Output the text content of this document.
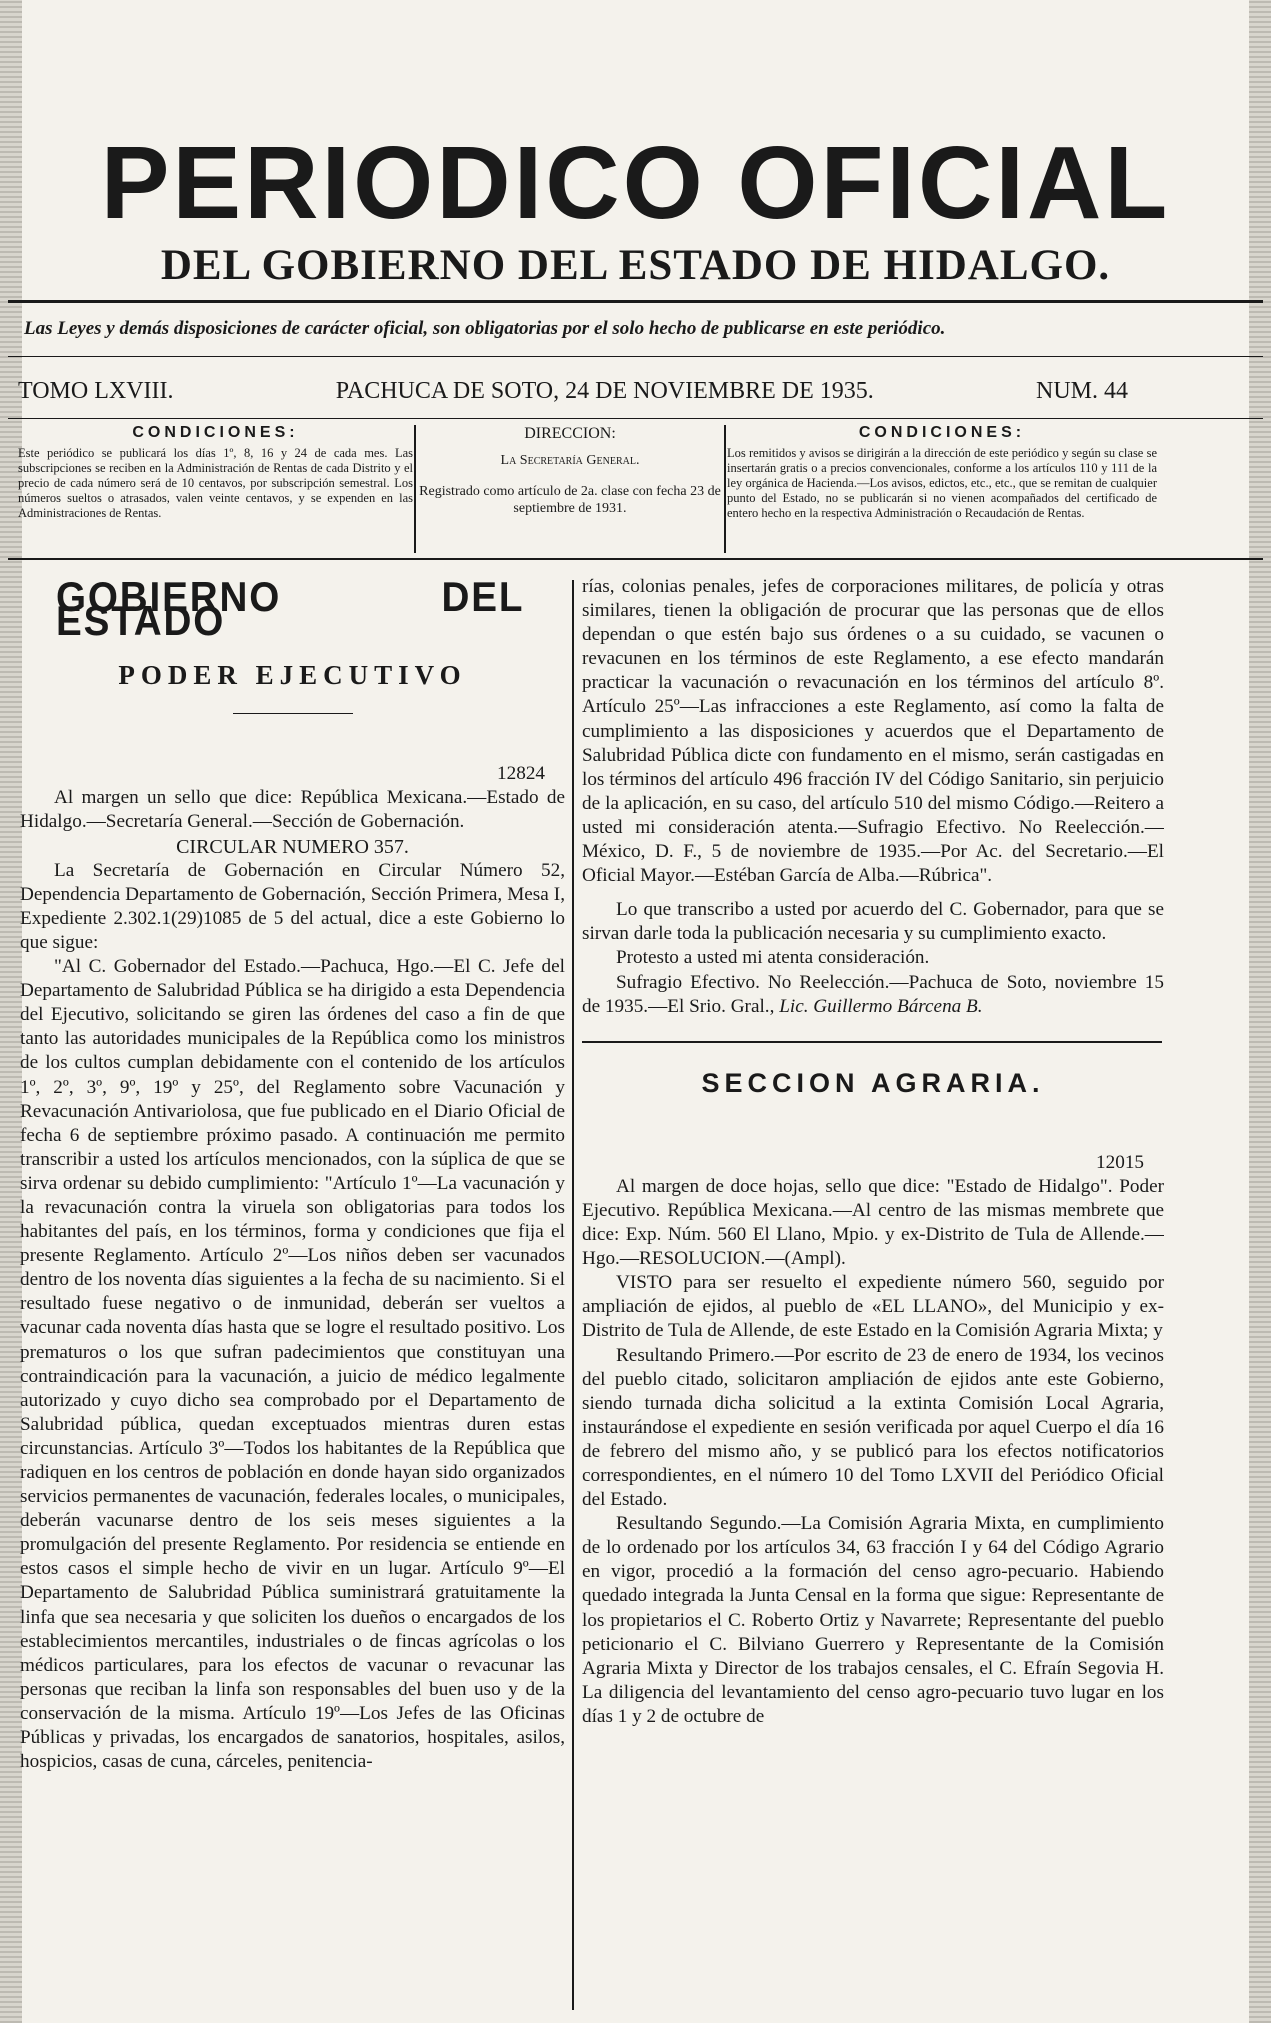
PERIODICO OFICIAL
DEL GOBIERNO DEL ESTADO DE HIDALGO.
Las Leyes y demás disposiciones de carácter oficial, son obligatorias por el solo hecho de publicarse en este periódico.
TOMO LXVIII.	PACHUCA DE SOTO, 24 DE NOVIEMBRE DE 1935.	NUM. 44
CONDICIONES:

Este periódico se publicará los días 1º, 8, 16 y 24 de cada mes. Las subscripciones se reciben en la Administración de Rentas de cada Distrito y el precio de cada número será de 10 centavos, por subscripción semestral. Los números sueltos o atrasados, valen veinte centavos, y se expenden en las Administraciones de Rentas.

DIRECCION:
La Secretaría General.
Registrado como artículo de 2a. clase con fecha 23 de septiembre de 1931.
CONDICIONES:

Los remitidos y avisos se dirigirán a la dirección de este periódico y según su clase se insertarán gratis o a precios convencionales, conforme a los artículos 110 y 111 de la ley orgánica de Hacienda.—Los avisos, edictos, etc., etc., que se remitan de cualquier punto del Estado, no se publicarán si no vienen acompañados del certificado de entero hecho en la respectiva Administración o Recaudación de Rentas.

GOBIERNO DEL ESTADO
PODER EJECUTIVO

12824

Al margen un sello que dice: República Mexicana.—Estado de Hidalgo.—Secretaría General.—Sección de Gobernación.

CIRCULAR NUMERO 357.

La Secretaría de Gobernación en Circular Número 52, Dependencia Departamento de Gobernación, Sección Primera, Mesa I, Expediente 2.302.1(29)1085 de 5 del actual, dice a este Gobierno lo que sigue:

"Al C. Gobernador del Estado.—Pachuca, Hgo.—El C. Jefe del Departamento de Salubridad Pública se ha dirigido a esta Dependencia del Ejecutivo, solicitando se giren las órdenes del caso a fin de que tanto las autoridades municipales de la República como los ministros de los cultos cumplan debidamente con el contenido de los artículos 1º, 2º, 3º, 9º, 19º y 25º, del Reglamento sobre Vacunación y Revacunación Antivariolosa, que fue publicado en el Diario Oficial de fecha 6 de septiembre próximo pasado. A continuación me permito transcribir a usted los artículos mencionados, con la súplica de que se sirva ordenar su debido cumplimiento: "Artículo 1º—La vacunación y la revacunación contra la viruela son obligatorias para todos los habitantes del país, en los términos, forma y condiciones que fija el presente Reglamento. Artículo 2º—Los niños deben ser vacunados dentro de los noventa días siguientes a la fecha de su nacimiento. Si el resultado fuese negativo o de inmunidad, deberán ser vueltos a vacunar cada noventa días hasta que se logre el resultado positivo. Los prematuros o los que sufran padecimientos que constituyan una contraindicación para la vacunación, a juicio de médico legalmente autorizado y cuyo dicho sea comprobado por el Departamento de Salubridad pública, quedan exceptuados mientras duren estas circunstancias. Artículo 3º—Todos los habitantes de la República que radiquen en los centros de población en donde hayan sido organizados servicios permanentes de vacunación, federales locales, o municipales, deberán vacunarse dentro de los seis meses siguientes a la promulgación del presente Reglamento. Por residencia se entiende en estos casos el simple hecho de vivir en un lugar. Artículo 9º—El Departamento de Salubridad Pública suministrará gratuitamente la linfa que sea necesaria y que soliciten los dueños o encargados de los establecimientos mercantiles, industriales o de fincas agrícolas o los médicos particulares, para los efectos de vacunar o revacunar las personas que reciban la linfa son responsables del buen uso y de la conservación de la misma. Artículo 19º—Los Jefes de las Oficinas Públicas y privadas, los encargados de sanatorios, hospitales, asilos, hospicios, casas de cuna, cárceles, penitencia-

rías, colonias penales, jefes de corporaciones militares, de policía y otras similares, tienen la obligación de procurar que las personas que de ellos dependan o que estén bajo sus órdenes o a su cuidado, se vacunen o revacunen en los términos de este Reglamento, a ese efecto mandarán practicar la vacunación o revacunación en los términos del artículo 8º. Artículo 25º—Las infracciones a este Reglamento, así como la falta de cumplimiento a las disposiciones y acuerdos que el Departamento de Salubridad Pública dicte con fundamento en el mismo, serán castigadas en los términos del artículo 496 fracción IV del Código Sanitario, sin perjuicio de la aplicación, en su caso, del artículo 510 del mismo Código.—Reitero a usted mi consideración atenta.—Sufragio Efectivo. No Reelección.—México, D. F., 5 de noviembre de 1935.—Por Ac. del Secretario.—El Oficial Mayor.—Estéban García de Alba.—Rúbrica".

Lo que transcribo a usted por acuerdo del C. Gobernador, para que se sirvan darle toda la publicación necesaria y su cumplimiento exacto.

Protesto a usted mi atenta consideración.

Sufragio Efectivo. No Reelección.—Pachuca de Soto, noviembre 15 de 1935.—El Srio. Gral., Lic. Guillermo Bárcena B.

SECCION AGRARIA.

12015

Al margen de doce hojas, sello que dice: "Estado de Hidalgo". Poder Ejecutivo. República Mexicana.—Al centro de las mismas membrete que dice: Exp. Núm. 560 El Llano, Mpio. y ex-Distrito de Tula de Allende.—Hgo.—RESOLUCION.—(Ampl).

VISTO para ser resuelto el expediente número 560, seguido por ampliación de ejidos, al pueblo de «EL LLANO», del Municipio y ex-Distrito de Tula de Allende, de este Estado en la Comisión Agraria Mixta; y

Resultando Primero.—Por escrito de 23 de enero de 1934, los vecinos del pueblo citado, solicitaron ampliación de ejidos ante este Gobierno, siendo turnada dicha solicitud a la extinta Comisión Local Agraria, instaurándose el expediente en sesión verificada por aquel Cuerpo el día 16 de febrero del mismo año, y se publicó para los efectos notificatorios correspondientes, en el número 10 del Tomo LXVII del Periódico Oficial del Estado.

Resultando Segundo.—La Comisión Agraria Mixta, en cumplimiento de lo ordenado por los artículos 34, 63 fracción I y 64 del Código Agrario en vigor, procedió a la formación del censo agro-pecuario. Habiendo quedado integrada la Junta Censal en la forma que sigue: Representante de los propietarios el C. Roberto Ortiz y Navarrete; Representante del pueblo peticionario el C. Bilviano Guerrero y Representante de la Comisión Agraria Mixta y Director de los trabajos censales, el C. Efraín Segovia H. La diligencia del levantamiento del censo agro-pecuario tuvo lugar en los días 1 y 2 de octubre de
